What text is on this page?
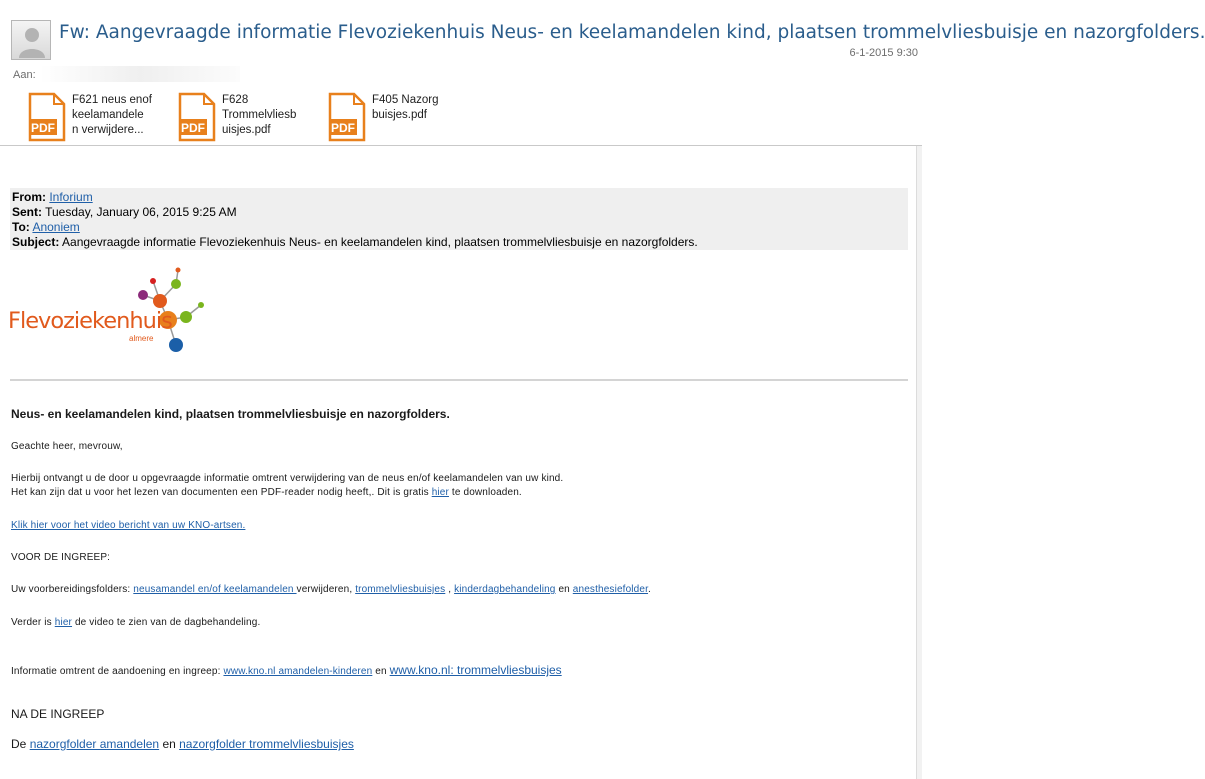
Fw: Aangevraagde informatie Flevoziekenhuis Neus- en keelamandelen kind, plaatsen trommelvliesbuisje en nazorgfolders.
6-1-2015 9:30
Aan:
PDF
F621 neus enof
keelamandele
n verwijdere...	PDF
F628
Trommelvliesb
uisjes.pdf	PDF
F405 Nazorg
buisjes.pdf
From: Inforium
Sent: Tuesday, January 06, 2015 9:25 AM
To: Anoniem
Subject: Aangevraagde informatie Flevoziekenhuis Neus- en keelamandelen kind, plaatsen trommelvliesbuisje en nazorgfolders.
Flevoziekenhuis
almere
Neus- en keelamandelen kind, plaatsen trommelvliesbuisje en nazorgfolders.
Geachte heer, mevrouw,
Hierbij ontvangt u de door u opgevraagde informatie omtrent verwijdering van de neus en/of keelamandelen van uw kind.
Het kan zijn dat u voor het lezen van documenten een PDF-reader nodig heeft,. Dit is gratis hier te downloaden.
Klik hier voor het video bericht van uw KNO-artsen.
VOOR DE INGREEP:
Uw voorbereidingsfolders: neusamandel en/of keelamandelen verwijderen, trommelvliesbuisjes , kinderdagbehandeling en anesthesiefolder.
Verder is hier de video te zien van de dagbehandeling.
Informatie omtrent de aandoening en ingreep: www.kno.nl amandelen-kinderen en www.kno.nl: trommelvliesbuisjes
NA DE INGREEP
De nazorgfolder amandelen en nazorgfolder trommelvliesbuisjes
